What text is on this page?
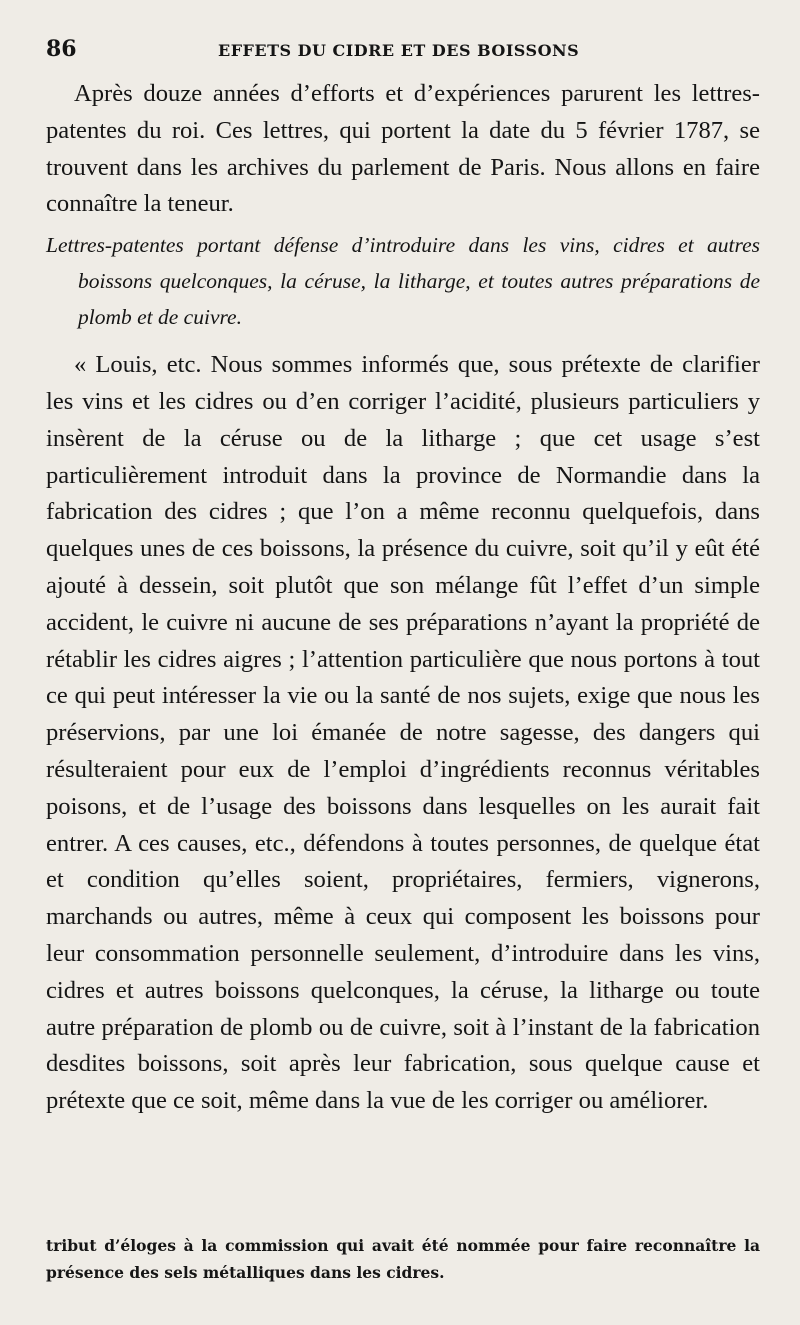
86	EFFETS DU CIDRE ET DES BOISSONS

Après douze années d’efforts et d’expériences parurent les lettres-patentes du roi. Ces lettres, qui portent la date du 5 février 1787, se trouvent dans les archives du parlement de Paris. Nous allons en faire connaître la teneur.

Lettres-patentes portant défense d’introduire dans les vins, cidres et autres boissons quelconques, la céruse, la litharge, et toutes autres préparations de plomb et de cuivre.

« Louis, etc. Nous sommes informés que, sous prétexte de clarifier les vins et les cidres ou d’en corriger l’acidité, plusieurs particuliers y insèrent de la céruse ou de la litharge ; que cet usage s’est particulièrement introduit dans la province de Normandie dans la fabrication des cidres ; que l’on a même reconnu quelquefois, dans quelques unes de ces boissons, la présence du cuivre, soit qu’il y eût été ajouté à dessein, soit plutôt que son mélange fût l’effet d’un simple accident, le cuivre ni aucune de ses préparations n’ayant la propriété de rétablir les cidres aigres ; l’attention particulière que nous portons à tout ce qui peut intéresser la vie ou la santé de nos sujets, exige que nous les préservions, par une loi émanée de notre sagesse, des dangers qui résulteraient pour eux de l’emploi d’ingrédients reconnus véritables poisons, et de l’usage des boissons dans lesquelles on les aurait fait entrer. A ces causes, etc., défendons à toutes personnes, de quelque état et condition qu’elles soient, propriétaires, fermiers, vignerons, marchands ou autres, même à ceux qui composent les boissons pour leur consommation personnelle seulement, d’introduire dans les vins, cidres et autres boissons quelconques, la céruse, la litharge ou toute autre préparation de plomb ou de cuivre, soit à l’instant de la fabrication desdites boissons, soit après leur fabrication, sous quelque cause et prétexte que ce soit, même dans la vue de les corriger ou améliorer.

tribut d’éloges à la commission qui avait été nommée pour faire reconnaître la présence des sels métalliques dans les cidres.
